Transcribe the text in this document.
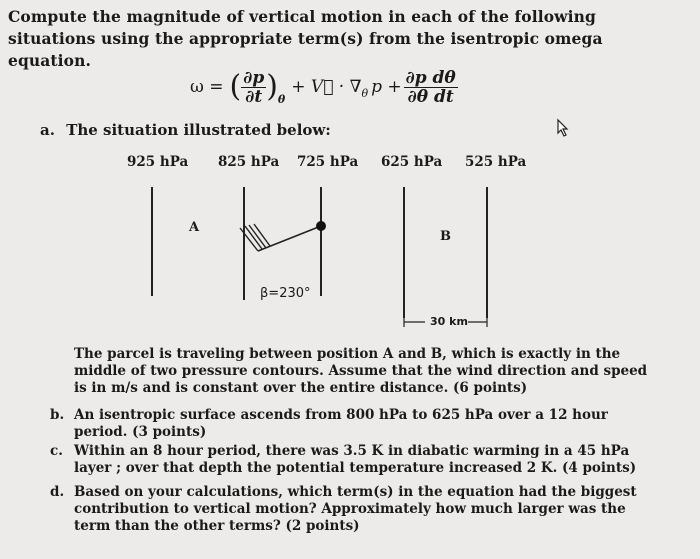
Compute the magnitude of vertical motion in each of the following situations using the appropriate term(s) from the isentropic omega equation.
ω = ( $\frac{\partial p}{\partial t}$ ) θ
+ V⃗ · ∇ θ $p + \frac{\text{∂p dθ}}{\text{∂θ dt}}$
a. The situation illustrated below:
925 hPa 825 hPa 725 hPa 625 hPa 525 hPa
A
B
β=230°
30 km
The parcel is traveling between position A and B, which is exactly in the middle of two pressure contours. Assume that the wind direction and speed is in m/s and is constant over the entire distance. (6 points)
b. An isentropic surface ascends from 800 hPa to 625 hPa over a 12 hour period. (3 points)
c. Within an 8 hour period, there was 3.5 K in diabatic warming in a 45 hPa layer ; over that depth the potential temperature increased 2 K. (4 points)
d. Based on your calculations, which term(s) in the equation had the biggest contribution to vertical motion? Approximately how much larger was the term than the other terms? (2 points)
